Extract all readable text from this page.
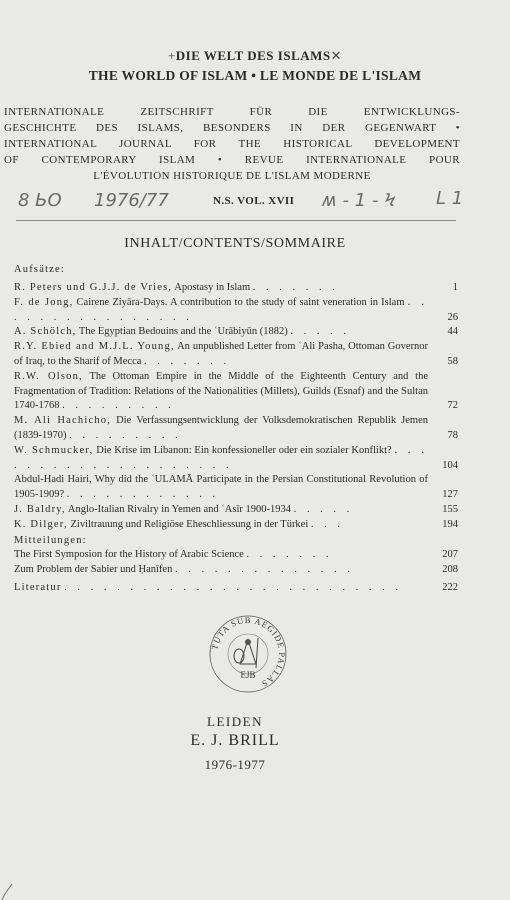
+DIE WELT DES ISLAMS✕
THE WORLD OF ISLAM • LE MONDE DE L'ISLAM
INTERNATIONALE ZEITSCHRIFT FÜR DIE ENTWICKLUNGS-
GESCHICHTE DES ISLAMS, BESONDERS IN DER GEGENWART •
INTERNATIONAL JOURNAL FOR THE HISTORICAL DEVELOPMENT
OF CONTEMPORARY ISLAM • REVUE INTERNATIONALE POUR
L'ÉVOLUTION HISTORIQUE DE L'ISLAM MODERNE
8 ЬО 1976/77	N.S. VOL. XVII ʍ - 1 - Ϟ L 1
INHALT/CONTENTS/SOMMAIRE
Aufsätze:
R. Peters und G.J.J. de Vries, Apostasy in Islam . . . . . . .	1
F. de Jong, Cairene Ziyāra-Days. A contribution to the study of saint veneration in Islam . . . . . . . . . . . . . . . .	26
A. Schölch, The Egyptian Bedouins and the ʿUrābiyūn (1882) . . . . .	44
R.Y. Ebied and M.J.L. Young, An unpublished Letter from ʿAli Pasha, Ottoman Governor of Iraq, to the Sharif of Mecca . . . . . . .	58
R.W. Olson, The Ottoman Empire in the Middle of the Eighteenth Century and the Fragmentation of Tradition: Relations of the Nationalities (Millets), Guilds (Esnaf) and the Sultan 1740-1768 . . . . . . . . .	72
M. Ali Hachicho, Die Verfassungsentwicklung der Volksdemokratischen Republik Jemen (1839-1970) . . . . . . . . .	78
W. Schmucker, Die Krise im Libanon: Ein konfessioneller oder ein sozialer Konflikt? . . . . . . . . . . . . . . . . . . . .	104
Abdul-Hadi Hairi, Why did the ʿULAMĀ Participate in the Persian Constitutional Revolution of 1905-1909? . . . . . . . . . . . .	127
J. Baldry, Anglo-Italian Rivalry in Yemen and ʿAsīr 1900-1934 . . . . .	155
K. Dilger, Ziviltrauung und Religiöse Eheschliessung in der Türkei . . .	194
Mitteilungen:
The First Symposion for the History of Arabic Science . . . . . . .	207
Zum Problem der Sabier und Ḥanīfen . . . . . . . . . . . . . .	208
Literatur . . . . . . . . . . . . . . . . . . . . . . . . . .	222
TUTA SUB AEGIDE PALLAS
EJB
LEIDEN
E. J. BRILL
1976-1977
